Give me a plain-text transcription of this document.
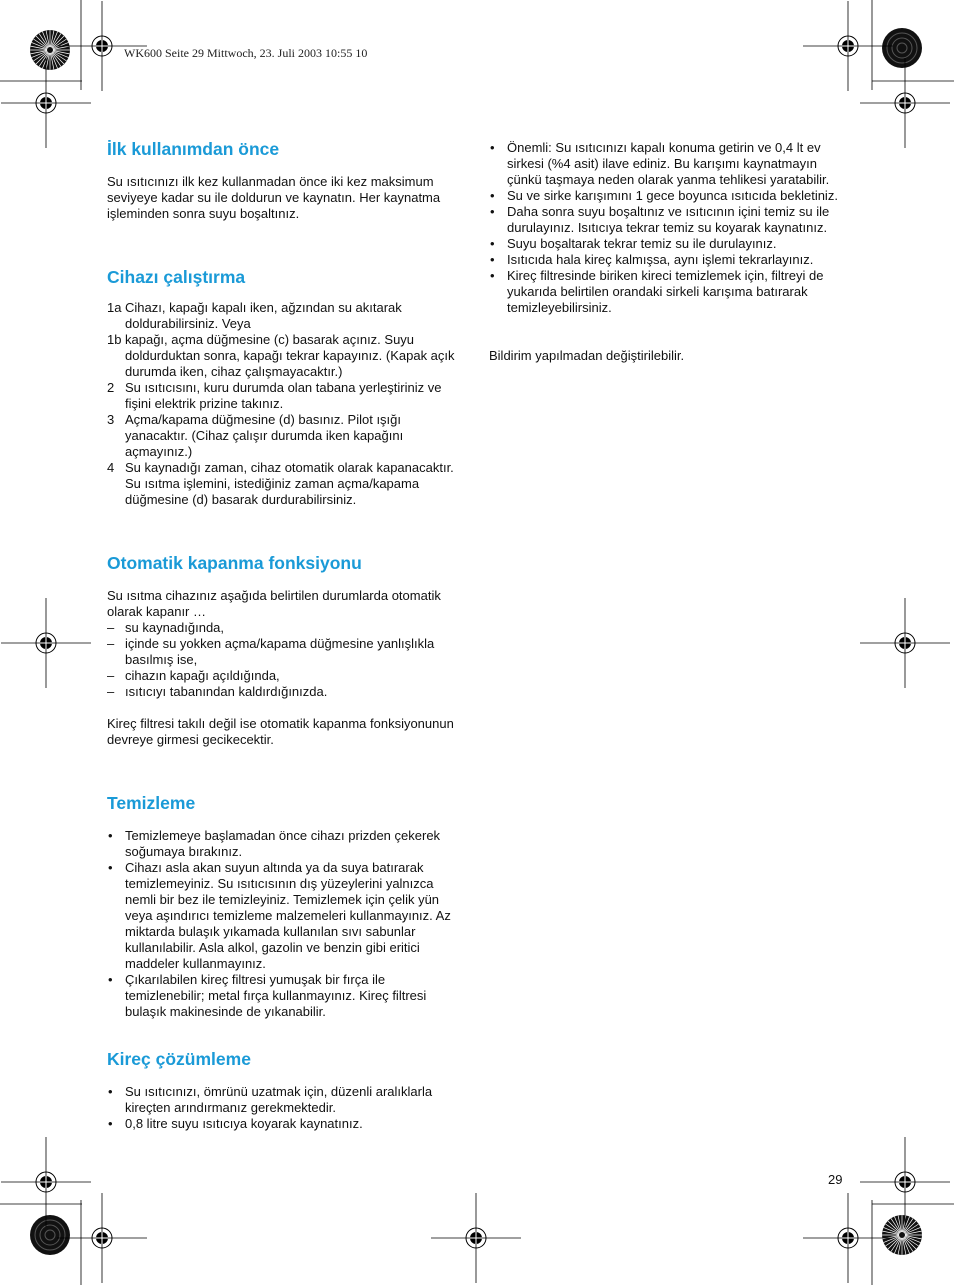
WK600 Seite 29 Mittwoch, 23. Juli 2003 10:55 10
İlk kullanımdan önce

Su ısıtıcınızı ilk kez kullanmadan önce iki kez maksimum seviyeye kadar su ile doldurun ve kaynatın. Her kaynatma işleminden sonra suyu boşaltınız.

Cihazı çalıştırma
1a Cihazı, kapağı kapalı iken, ağzından su akıtarak doldurabilirsiniz. Veya
1b kapağı, açma düğmesine (c) basarak açınız. Suyu doldurduktan sonra, kapağı tekrar kapayınız. (Kapak açık durumda iken, cihaz çalışmayacaktır.)
2 Su ısıtıcısını, kuru durumda olan tabana yerleştiriniz ve fişini elektrik prizine takınız.
3 Açma/kapama düğmesine (d) basınız. Pilot ışığı yanacaktır. (Cihaz çalışır durumda iken kapağını açmayınız.)
4 Su kaynadığı zaman, cihaz otomatik olarak kapanacaktır.
Su ısıtma işlemini, istediğiniz zaman açma/kapama düğmesine (d) basarak durdurabilirsiniz.
Otomatik kapanma fonksiyonu

Su ısıtma cihazınız aşağıda belirtilen durumlarda otomatik olarak kapanır …

– su kaynadığında,
– içinde su yokken açma/kapama düğmesine yanlışlıkla basılmış ise,
– cihazın kapağı açıldığında,
– ısıtıcıyı tabanından kaldırdığınızda.

Kireç filtresi takılı değil ise otomatik kapanma fonksiyonunun devreye girmesi gecikecektir.

Temizleme
• Temizlemeye başlamadan önce cihazı prizden çekerek soğumaya bırakınız.
• Cihazı asla akan suyun altında ya da suya batırarak temizlemeyiniz. Su ısıtıcısının dış yüzeylerini yalnızca nemli bir bez ile temizleyiniz. Temizlemek için çelik yün veya aşındırıcı temizleme malzemeleri kullanmayınız. Az miktarda bulaşık yıkamada kullanılan sıvı sabunlar kullanılabilir. Asla alkol, gazolin ve benzin gibi eritici maddeler kullanmayınız.
• Çıkarılabilen kireç filtresi yumuşak bir fırça ile temizlenebilir; metal fırça kullanmayınız. Kireç filtresi bulaşık makinesinde de yıkanabilir.
Kireç çözümleme
• Su ısıtıcınızı, ömrünü uzatmak için, düzenli aralıklarla kireçten arındırmanız gerekmektedir.
• 0,8 litre suyu ısıtıcıya koyarak kaynatınız.
• Önemli: Su ısıtıcınızı kapalı konuma getirin ve 0,4 lt ev sirkesi (%4 asit) ilave ediniz. Bu karışımı kaynatmayın çünkü taşmaya neden olarak yanma tehlikesi yaratabilir.
• Su ve sirke karışımını 1 gece boyunca ısıtıcıda bekletiniz.
• Daha sonra suyu boşaltınız ve ısıtıcının içini temiz su ile durulayınız. Isıtıcıya tekrar temiz su koyarak kaynatınız.
• Suyu boşaltarak tekrar temiz su ile durulayınız.
• Isıtıcıda hala kireç kalmışsa, aynı işlemi tekrarlayınız.
• Kireç filtresinde biriken kireci temizlemek için, filtreyi de yukarıda belirtilen orandaki sirkeli karışıma batırarak temizleyebilirsiniz.

Bildirim yapılmadan değiştirilebilir.

29
